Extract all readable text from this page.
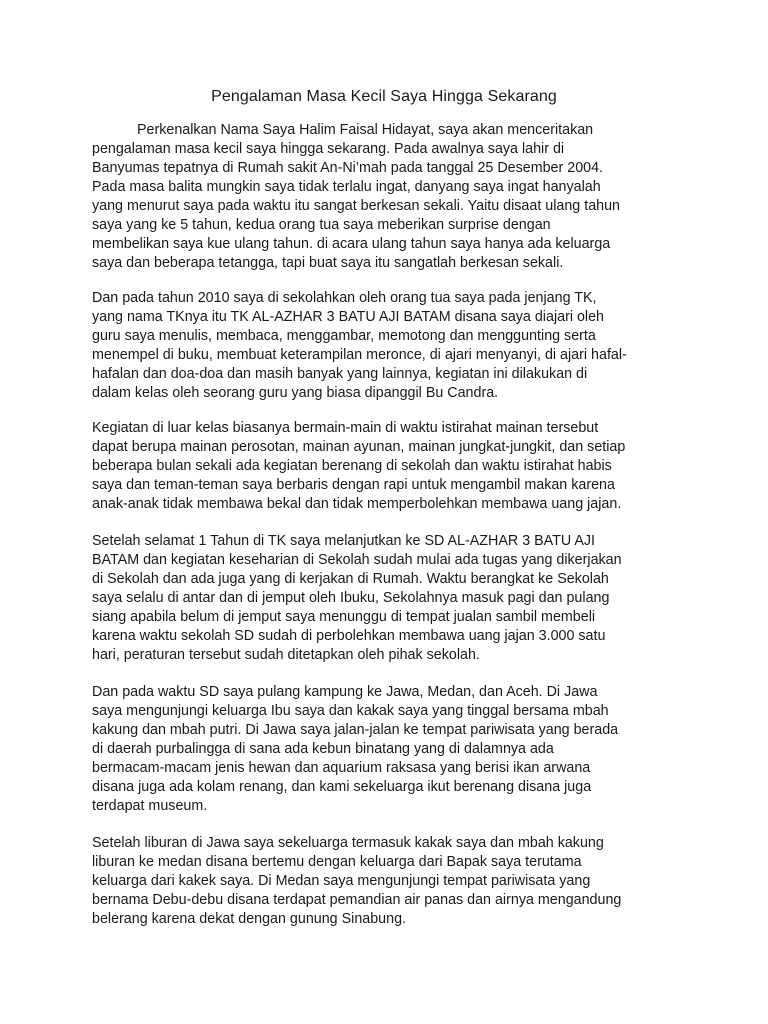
Pengalaman Masa Kecil Saya Hingga Sekarang

Perkenalkan Nama Saya Halim Faisal Hidayat, saya akan menceritakan
pengalaman masa kecil saya hingga sekarang. Pada awalnya saya lahir di
Banyumas tepatnya di Rumah sakit An-Ni’mah pada tanggal 25 Desember 2004.
Pada masa balita mungkin saya tidak terlalu ingat, danyang saya ingat hanyalah
yang menurut saya pada waktu itu sangat berkesan sekali. Yaitu disaat ulang tahun
saya yang ke 5 tahun, kedua orang tua saya meberikan surprise dengan
membelikan saya kue ulang tahun. di acara ulang tahun saya hanya ada keluarga
saya dan beberapa tetangga, tapi buat saya itu sangatlah berkesan sekali.

Dan pada tahun 2010 saya di sekolahkan oleh orang tua saya pada jenjang TK,
yang nama TKnya itu TK AL-AZHAR 3 BATU AJI BATAM disana saya diajari oleh
guru saya menulis, membaca, menggambar, memotong dan menggunting serta
menempel di buku, membuat keterampilan meronce, di ajari menyanyi, di ajari hafal-
hafalan dan doa-doa dan masih banyak yang lainnya, kegiatan ini dilakukan di
dalam kelas oleh seorang guru yang biasa dipanggil Bu Candra.

Kegiatan di luar kelas biasanya bermain-main di waktu istirahat mainan tersebut
dapat berupa mainan perosotan, mainan ayunan, mainan jungkat-jungkit, dan setiap
beberapa bulan sekali ada kegiatan berenang di sekolah dan waktu istirahat habis
saya dan teman-teman saya berbaris dengan rapi untuk mengambil makan karena
anak-anak tidak membawa bekal dan tidak memperbolehkan membawa uang jajan.

Setelah selamat 1 Tahun di TK saya melanjutkan ke SD AL-AZHAR 3 BATU AJI
BATAM dan kegiatan keseharian di Sekolah sudah mulai ada tugas yang dikerjakan
di Sekolah dan ada juga yang di kerjakan di Rumah. Waktu berangkat ke Sekolah
saya selalu di antar dan di jemput oleh Ibuku, Sekolahnya masuk pagi dan pulang
siang apabila belum di jemput saya menunggu di tempat jualan sambil membeli
karena waktu sekolah SD sudah di perbolehkan membawa uang jajan 3.000 satu
hari, peraturan tersebut sudah ditetapkan oleh pihak sekolah.

Dan pada waktu SD saya pulang kampung ke Jawa, Medan, dan Aceh. Di Jawa
saya mengunjungi keluarga Ibu saya dan kakak saya yang tinggal bersama mbah
kakung dan mbah putri. Di Jawa saya jalan-jalan ke tempat pariwisata yang berada
di daerah purbalingga di sana ada kebun binatang yang di dalamnya ada
bermacam-macam jenis hewan dan aquarium raksasa yang berisi ikan arwana
disana juga ada kolam renang, dan kami sekeluarga ikut berenang disana juga
terdapat museum.

Setelah liburan di Jawa saya sekeluarga termasuk kakak saya dan mbah kakung
liburan ke medan disana bertemu dengan keluarga dari Bapak saya terutama
keluarga dari kakek saya. Di Medan saya mengunjungi tempat pariwisata yang
bernama Debu-debu disana terdapat pemandian air panas dan airnya mengandung
belerang karena dekat dengan gunung Sinabung.
